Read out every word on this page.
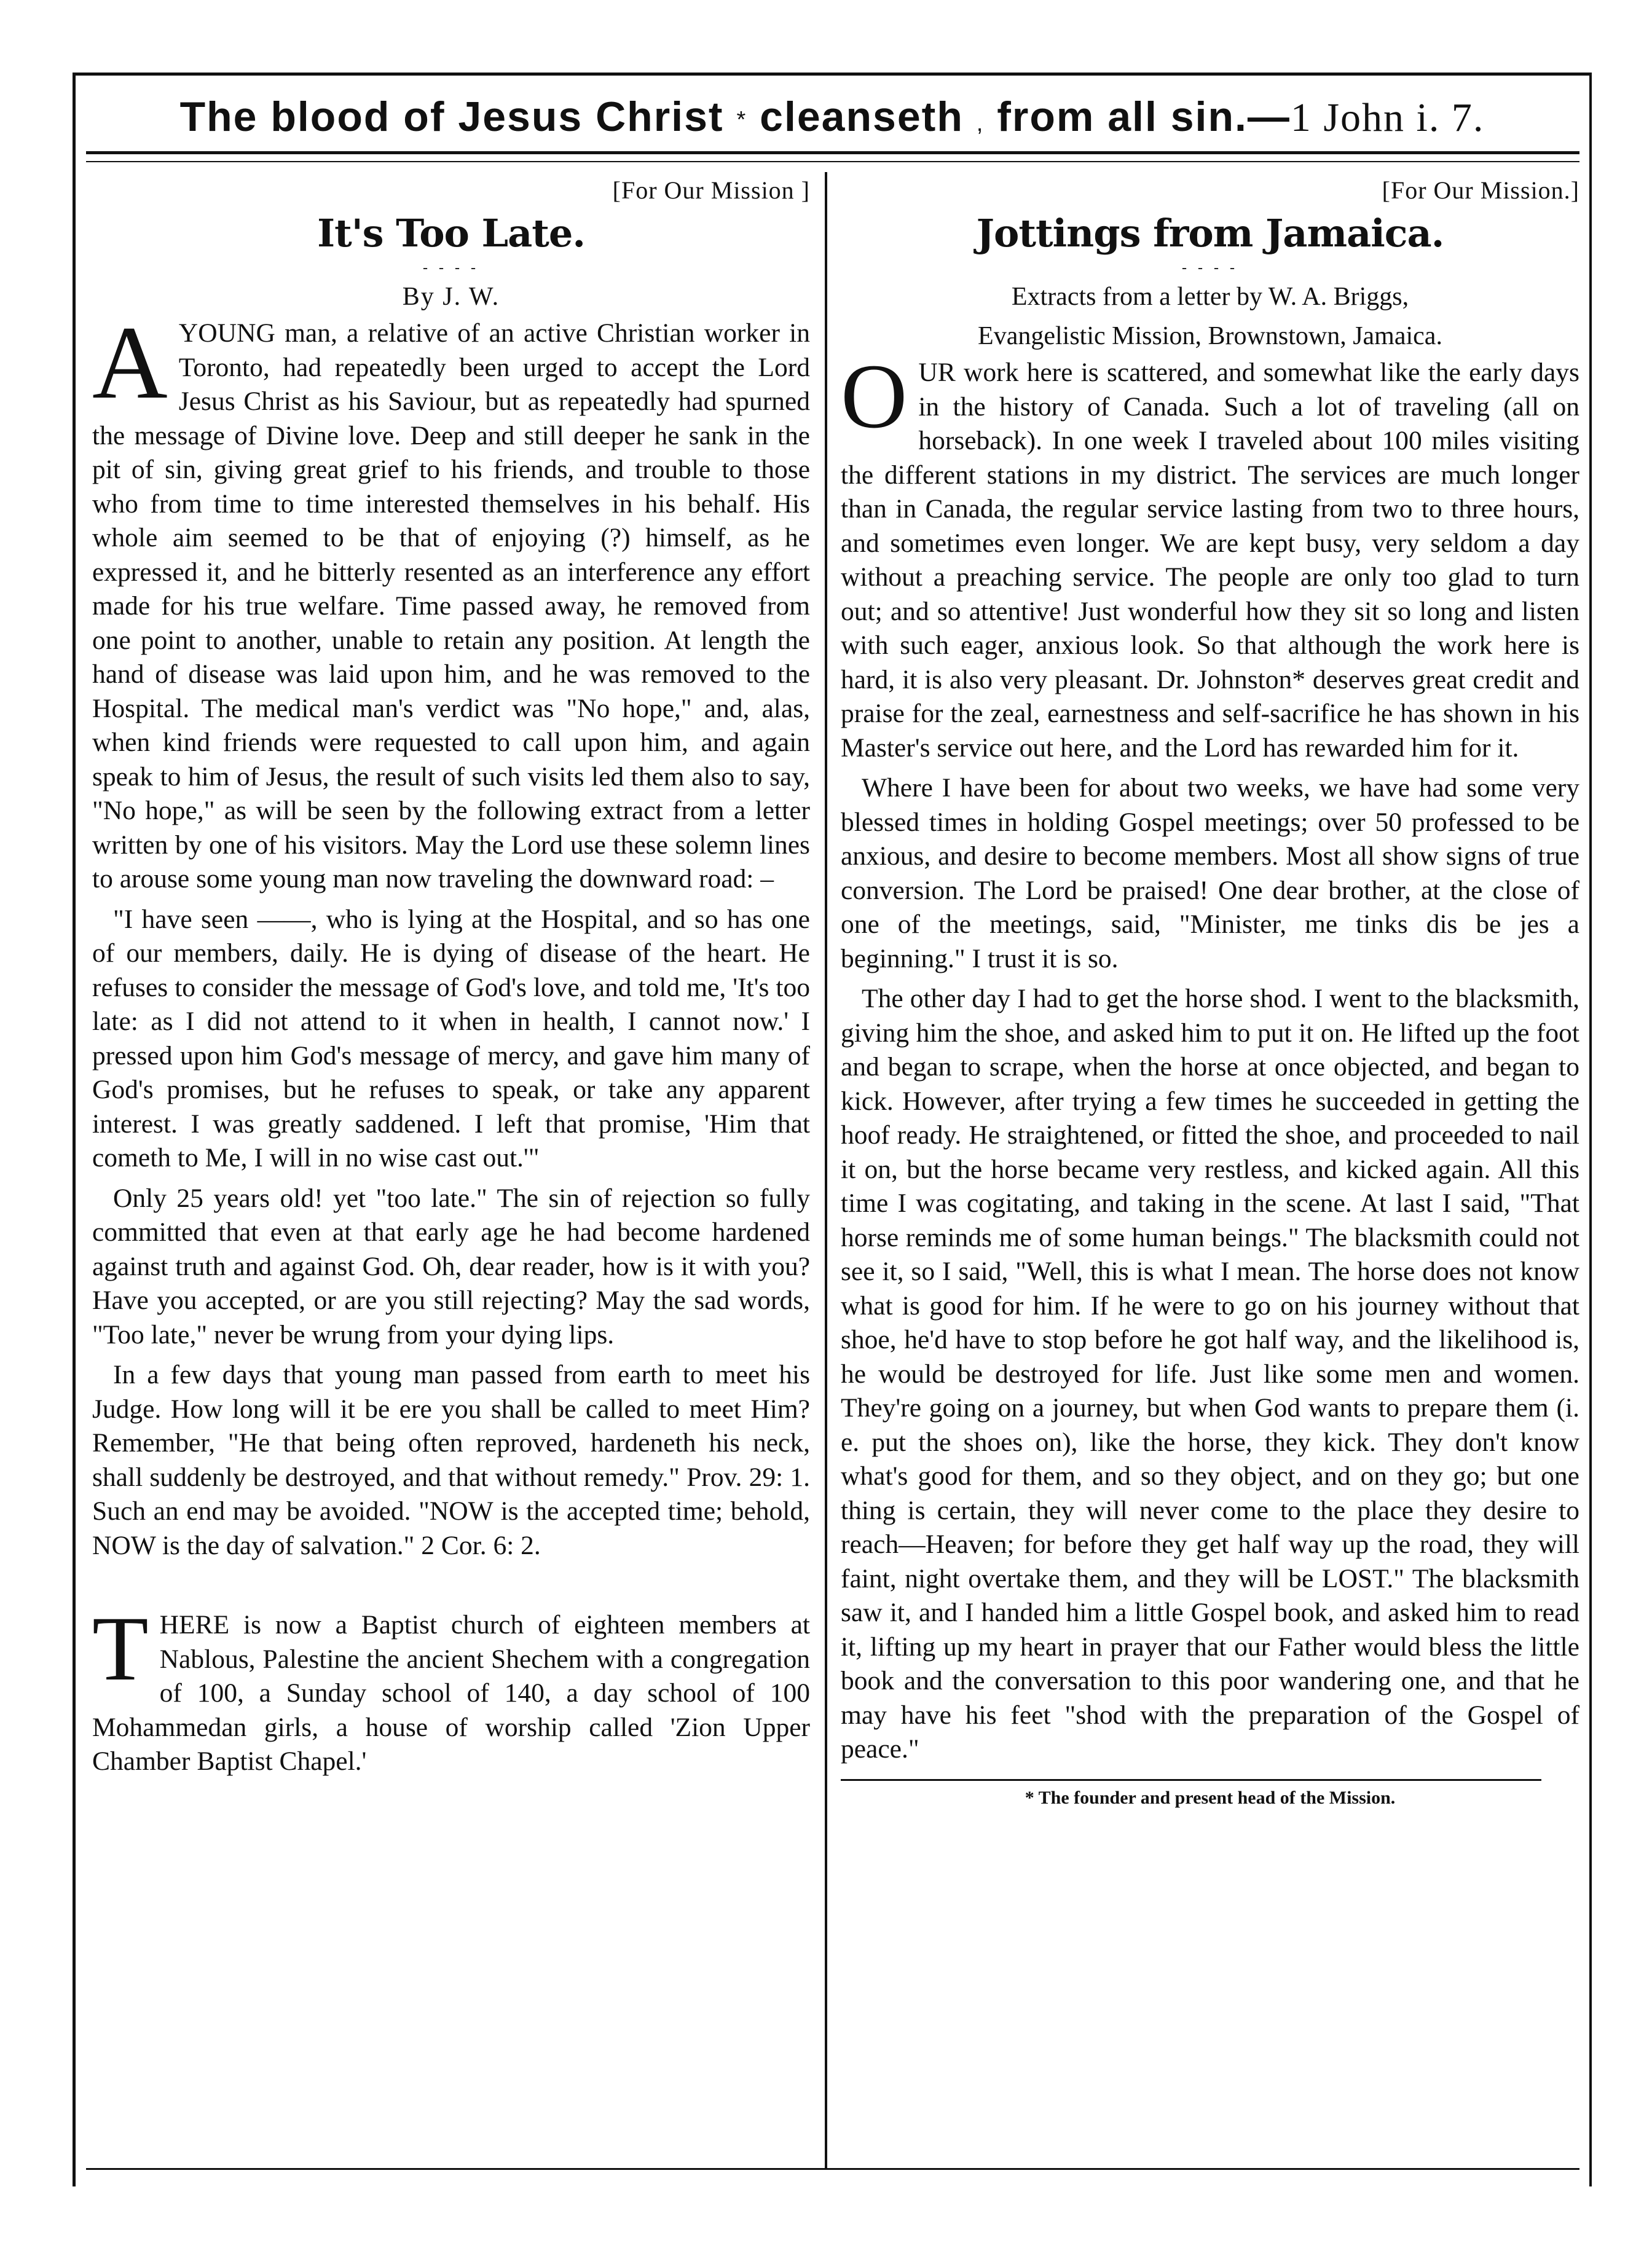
The blood of Jesus Christ * cleanseth , from all sin.—1 John i. 7.
[For Our Mission ]
It's Too Late.
- - - -
By J. W.

AYOUNG man, a relative of an active Christian worker in Toronto, had repeatedly been urged to accept the Lord Jesus Christ as his Saviour, but as repeatedly had spurned the message of Divine love. Deep and still deeper he sank in the pit of sin, giving great grief to his friends, and trouble to those who from time to time interested themselves in his behalf. His whole aim seemed to be that of enjoying (?) himself, as he expressed it, and he bitterly resented as an interference any effort made for his true welfare. Time passed away, he removed from one point to another, unable to retain any position. At length the hand of disease was laid upon him, and he was removed to the Hospital. The medical man's verdict was "No hope," and, alas, when kind friends were requested to call upon him, and again speak to him of Jesus, the result of such visits led them also to say, "No hope," as will be seen by the following extract from a letter written by one of his visitors. May the Lord use these solemn lines to arouse some young man now traveling the downward road: –

"I have seen ——, who is lying at the Hospital, and so has one of our members, daily. He is dying of disease of the heart. He refuses to consider the message of God's love, and told me, 'It's too late: as I did not attend to it when in health, I cannot now.' I pressed upon him God's message of mercy, and gave him many of God's promises, but he refuses to speak, or take any apparent interest. I was greatly saddened. I left that promise, 'Him that cometh to Me, I will in no wise cast out.'"

Only 25 years old! yet "too late." The sin of rejection so fully committed that even at that early age he had become hardened against truth and against God. Oh, dear reader, how is it with you? Have you accepted, or are you still rejecting? May the sad words, "Too late," never be wrung from your dying lips.

In a few days that young man passed from earth to meet his Judge. How long will it be ere you shall be called to meet Him? Remember, "He that being often reproved, hardeneth his neck, shall suddenly be destroyed, and that without remedy." Prov. 29: 1. Such an end may be avoided. "NOW is the accepted time; behold, NOW is the day of salvation." 2 Cor. 6: 2.

THERE is now a Baptist church of eighteen members at Nablous, Palestine the ancient Shechem with a congregation of 100, a Sunday school of 140, a day school of 100 Mohammedan girls, a house of worship called 'Zion Upper Chamber Baptist Chapel.'

[For Our Mission.]
Jottings from Jamaica.
- - - -
Extracts from a letter by W. A. Briggs,
Evangelistic Mission, Brownstown, Jamaica.

OUR work here is scattered, and somewhat like the early days in the history of Canada. Such a lot of traveling (all on horseback). In one week I traveled about 100 miles visiting the different stations in my district. The services are much longer than in Canada, the regular service lasting from two to three hours, and sometimes even longer. We are kept busy, very seldom a day without a preaching service. The people are only too glad to turn out; and so attentive! Just wonderful how they sit so long and listen with such eager, anxious look. So that although the work here is hard, it is also very pleasant. Dr. Johnston* deserves great credit and praise for the zeal, earnestness and self-sacrifice he has shown in his Master's service out here, and the Lord has rewarded him for it.

Where I have been for about two weeks, we have had some very blessed times in holding Gospel meetings; over 50 professed to be anxious, and desire to become members. Most all show signs of true conversion. The Lord be praised! One dear brother, at the close of one of the meetings, said, "Minister, me tinks dis be jes a beginning." I trust it is so.

The other day I had to get the horse shod. I went to the blacksmith, giving him the shoe, and asked him to put it on. He lifted up the foot and began to scrape, when the horse at once objected, and began to kick. However, after trying a few times he succeeded in getting the hoof ready. He straightened, or fitted the shoe, and proceeded to nail it on, but the horse became very restless, and kicked again. All this time I was cogitating, and taking in the scene. At last I said, "That horse reminds me of some human beings." The blacksmith could not see it, so I said, "Well, this is what I mean. The horse does not know what is good for him. If he were to go on his journey without that shoe, he'd have to stop before he got half way, and the likelihood is, he would be destroyed for life. Just like some men and women. They're going on a journey, but when God wants to prepare them (i. e. put the shoes on), like the horse, they kick. They don't know what's good for them, and so they object, and on they go; but one thing is certain, they will never come to the place they desire to reach—Heaven; for before they get half way up the road, they will faint, night overtake them, and they will be LOST." The blacksmith saw it, and I handed him a little Gospel book, and asked him to read it, lifting up my heart in prayer that our Father would bless the little book and the conversation to this poor wandering one, and that he may have his feet "shod with the preparation of the Gospel of peace."

* The founder and present head of the Mission.
